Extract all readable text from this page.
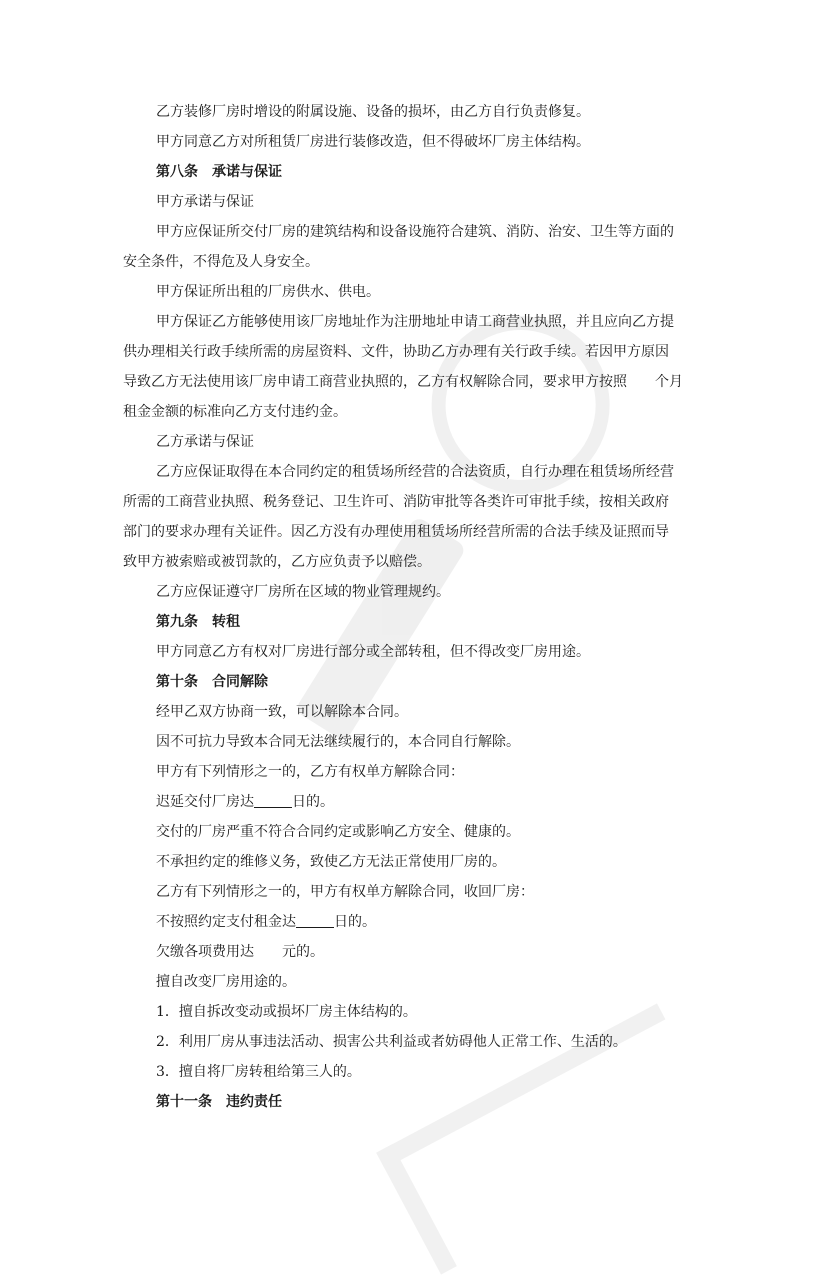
乙方装修厂房时增设的附属设施、设备的损坏，由乙方自行负责修复。
甲方同意乙方对所租赁厂房进行装修改造，但不得破坏厂房主体结构。
第八条　承诺与保证
甲方承诺与保证
甲方应保证所交付厂房的建筑结构和设备设施符合建筑、消防、治安、卫生等方面的
安全条件，不得危及人身安全。
甲方保证所出租的厂房供水、供电。
甲方保证乙方能够使用该厂房地址作为注册地址申请工商营业执照，并且应向乙方提
供办理相关行政手续所需的房屋资料、文件，协助乙方办理有关行政手续。若因甲方原因
导致乙方无法使用该厂房申请工商营业执照的，乙方有权解除合同，要求甲方按照 个月
租金金额的标准向乙方支付违约金。
乙方承诺与保证
乙方应保证取得在本合同约定的租赁场所经营的合法资质，自行办理在租赁场所经营
所需的工商营业执照、税务登记、卫生许可、消防审批等各类许可审批手续，按相关政府
部门的要求办理有关证件。因乙方没有办理使用租赁场所经营所需的合法手续及证照而导
致甲方被索赔或被罚款的，乙方应负责予以赔偿。
乙方应保证遵守厂房所在区域的物业管理规约。
第九条　转租
甲方同意乙方有权对厂房进行部分或全部转租，但不得改变厂房用途。
第十条　合同解除
经甲乙双方协商一致，可以解除本合同。
因不可抗力导致本合同无法继续履行的，本合同自行解除。
甲方有下列情形之一的，乙方有权单方解除合同：
迟延交付厂房达	日的。
交付的厂房严重不符合合同约定或影响乙方安全、健康的。
不承担约定的维修义务，致使乙方无法正常使用厂房的。
乙方有下列情形之一的，甲方有权单方解除合同，收回厂房：
不按照约定支付租金达	日的。
欠缴各项费用达 元的。
擅自改变厂房用途的。
1．擅自拆改变动或损坏厂房主体结构的。
2．利用厂房从事违法活动、损害公共利益或者妨碍他人正常工作、生活的。
3．擅自将厂房转租给第三人的。
第十一条　违约责任
